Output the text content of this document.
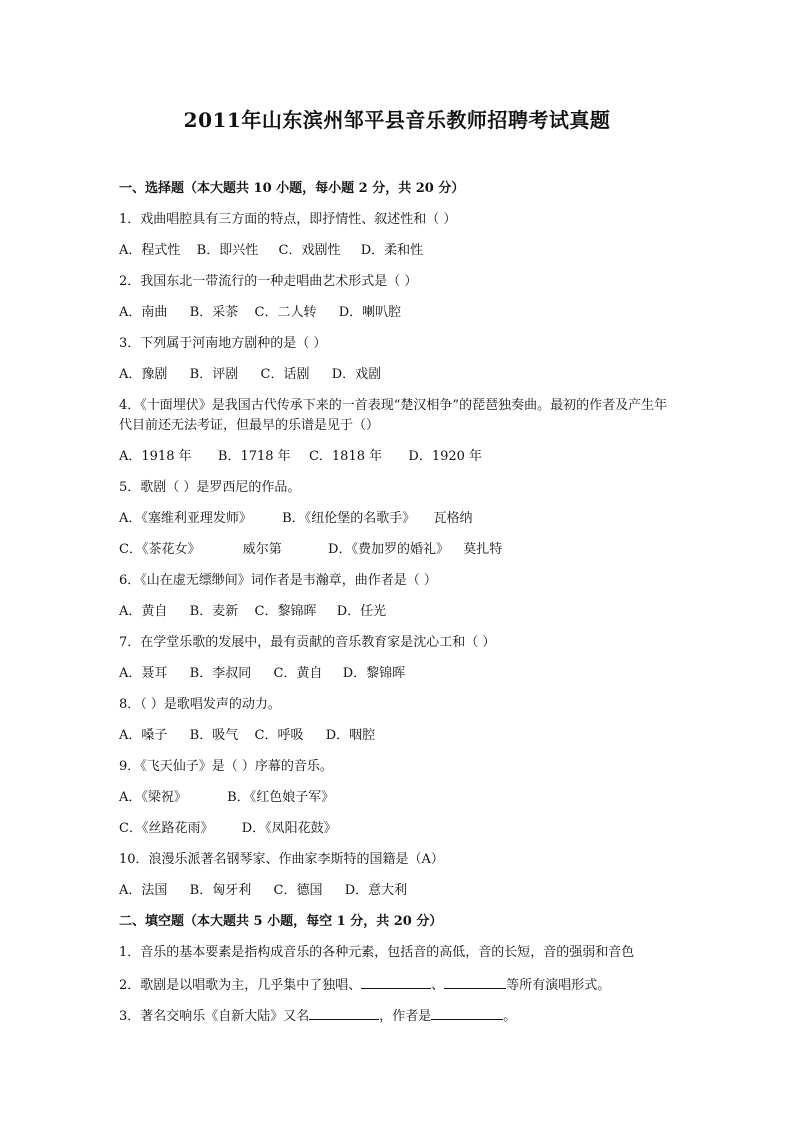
2011年山东滨州邹平县音乐教师招聘考试真题
一、选择题（本大题共 10 小题，每小题 2 分，共 20 分）
1．戏曲唱腔具有三方面的特点，即抒情性、叙述性和（ ）
A．程式性 B．即兴性 C．戏剧性 D．柔和性
2．我国东北一带流行的一种走唱曲艺术形式是（ ）
A．南曲 B．采茶 C．二人转 D．喇叭腔
3．下列属于河南地方剧种的是（ ）
A．豫剧 B．评剧 C．话剧 D．戏剧
4．《十面埋伏》是我国古代传承下来的一首表现“楚汉相争”的琵琶独奏曲。最初的作者及产生年代目前还无法考证，但最早的乐谱是见于（）
A．1918 年 B．1718 年 C．1818 年 D．1920 年
5．歌剧（ ）是罗西尼的作品。
A．《塞维利亚理发师》 B．《纽伦堡的名歌手》 瓦格纳
C．《茶花女》	威尔第	D．《费加罗的婚礼》 莫扎特
6．《山在虚无缥缈间》词作者是韦瀚章，曲作者是（ ）
A．黄自 B．麦新 C．黎锦晖 D．任光
7．在学堂乐歌的发展中，最有贡献的音乐教育家是沈心工和（ ）
A．聂耳 B．李叔同 C．黄自 D．黎锦晖
8．（ ）是歌唱发声的动力。
A．嗓子 B．吸气 C．呼吸 D．咽腔
9．《飞天仙子》是（ ）序幕的音乐。
A．《梁祝》	B．《红色娘子军》
C．《丝路花雨》 D．《凤阳花鼓》
10．浪漫乐派著名钢琴家、作曲家李斯特的国籍是（A）
A．法国 B．匈牙利 C．德国 D．意大利
二、填空题（本大题共 5 小题，每空 1 分，共 20 分）
1．音乐的基本要素是指构成音乐的各种元素，包括音的高低，音的长短，音的强弱和音色
2．歌剧是以唱歌为主，几乎集中了独唱、	、	等所有演唱形式。
3．著名交响乐《自新大陆》又名	，作者是	。
